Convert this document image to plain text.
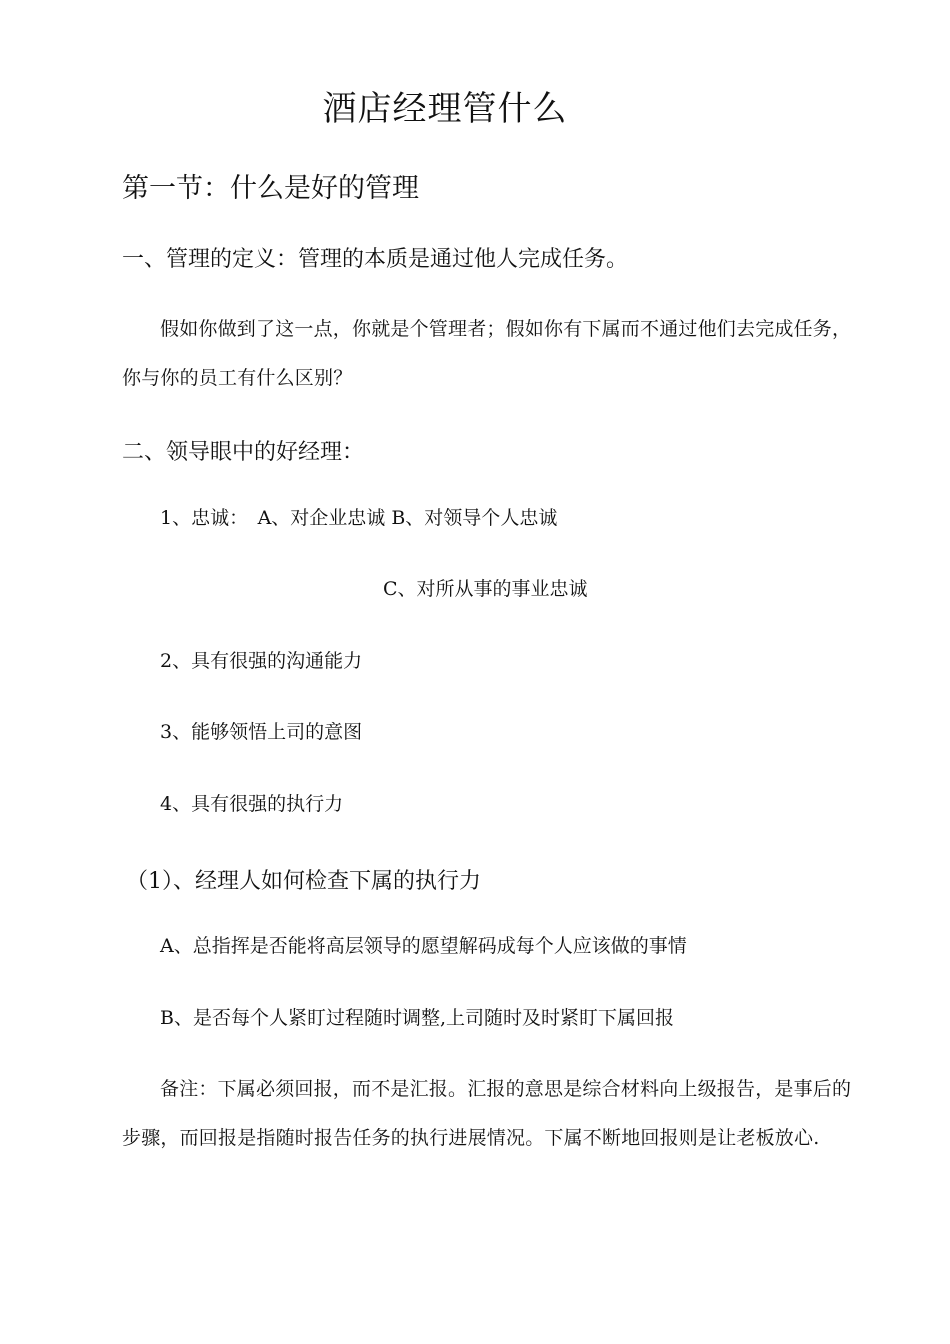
酒店经理管什么
第一节：什么是好的管理
一、管理的定义：管理的本质是通过他人完成任务。
假如你做到了这一点，你就是个管理者；假如你有下属而不通过他们去完成任务，你与你的员工有什么区别？
二、领导眼中的好经理：
1、忠诚：　A、对企业忠诚 B、对领导个人忠诚
C、对所从事的事业忠诚
2、具有很强的沟通能力
3、能够领悟上司的意图
4、具有很强的执行力
（1）、经理人如何检查下属的执行力
A、总指挥是否能将高层领导的愿望解码成每个人应该做的事情
B、是否每个人紧盯过程随时调整,上司随时及时紧盯下属回报
备注：下属必须回报，而不是汇报。汇报的意思是综合材料向上级报告，是事后的步骤，而回报是指随时报告任务的执行进展情况。下属不断地回报则是让老板放心.
